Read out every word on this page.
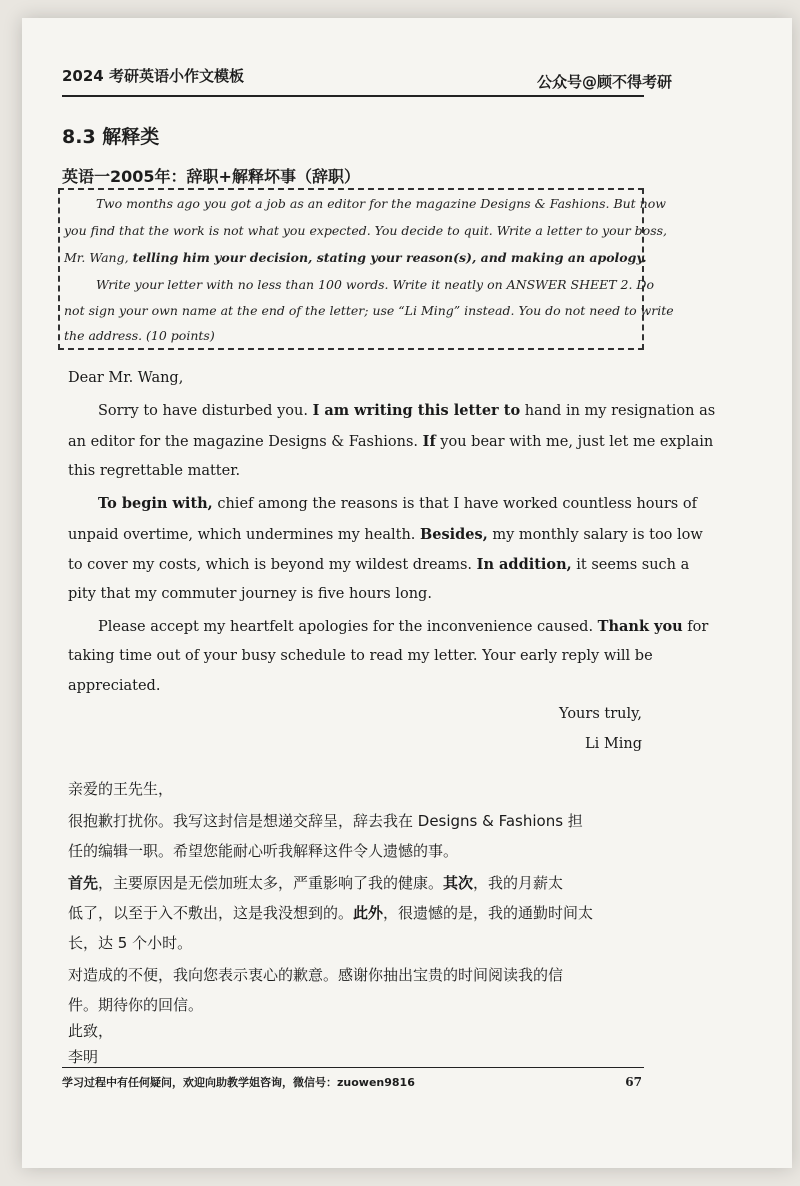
2024 考研英语小作文模板	公众号@顾不得考研
8.3 解释类
英语一2005年：辞职+解释坏事（辞职）
Two months ago you got a job as an editor for the magazine Designs & Fashions. But now
you find that the work is not what you expected. You decide to quit. Write a letter to your boss,
Mr. Wang, telling him your decision, stating your reason(s), and making an apology.
Write your letter with no less than 100 words. Write it neatly on ANSWER SHEET 2. Do
not sign your own name at the end of the letter; use “Li Ming” instead. You do not need to write
the address. (10 points)
Dear Mr. Wang,
Sorry to have disturbed you. I am writing this letter to hand in my resignation as
an editor for the magazine Designs & Fashions. If you bear with me, just let me explain
this regrettable matter.
To begin with, chief among the reasons is that I have worked countless hours of
unpaid overtime, which undermines my health. Besides, my monthly salary is too low
to cover my costs, which is beyond my wildest dreams. In addition, it seems such a
pity that my commuter journey is five hours long.
Please accept my heartfelt apologies for the inconvenience caused. Thank you for
taking time out of your busy schedule to read my letter. Your early reply will be
appreciated.
Yours truly,
Li Ming
亲爱的王先生，
很抱歉打扰你。我写这封信是想递交辞呈，辞去我在 Designs & Fashions 担
任的编辑一职。希望您能耐心听我解释这件令人遗憾的事。
首先，主要原因是无偿加班太多，严重影响了我的健康。其次，我的月薪太
低了，以至于入不敷出，这是我没想到的。此外，很遗憾的是，我的通勤时间太
长，达 5 个小时。
对造成的不便，我向您表示衷心的歉意。感谢你抽出宝贵的时间阅读我的信
件。期待你的回信。
此致，
李明
学习过程中有任何疑问，欢迎向助教学姐咨询，微信号：zuowen9816	67
